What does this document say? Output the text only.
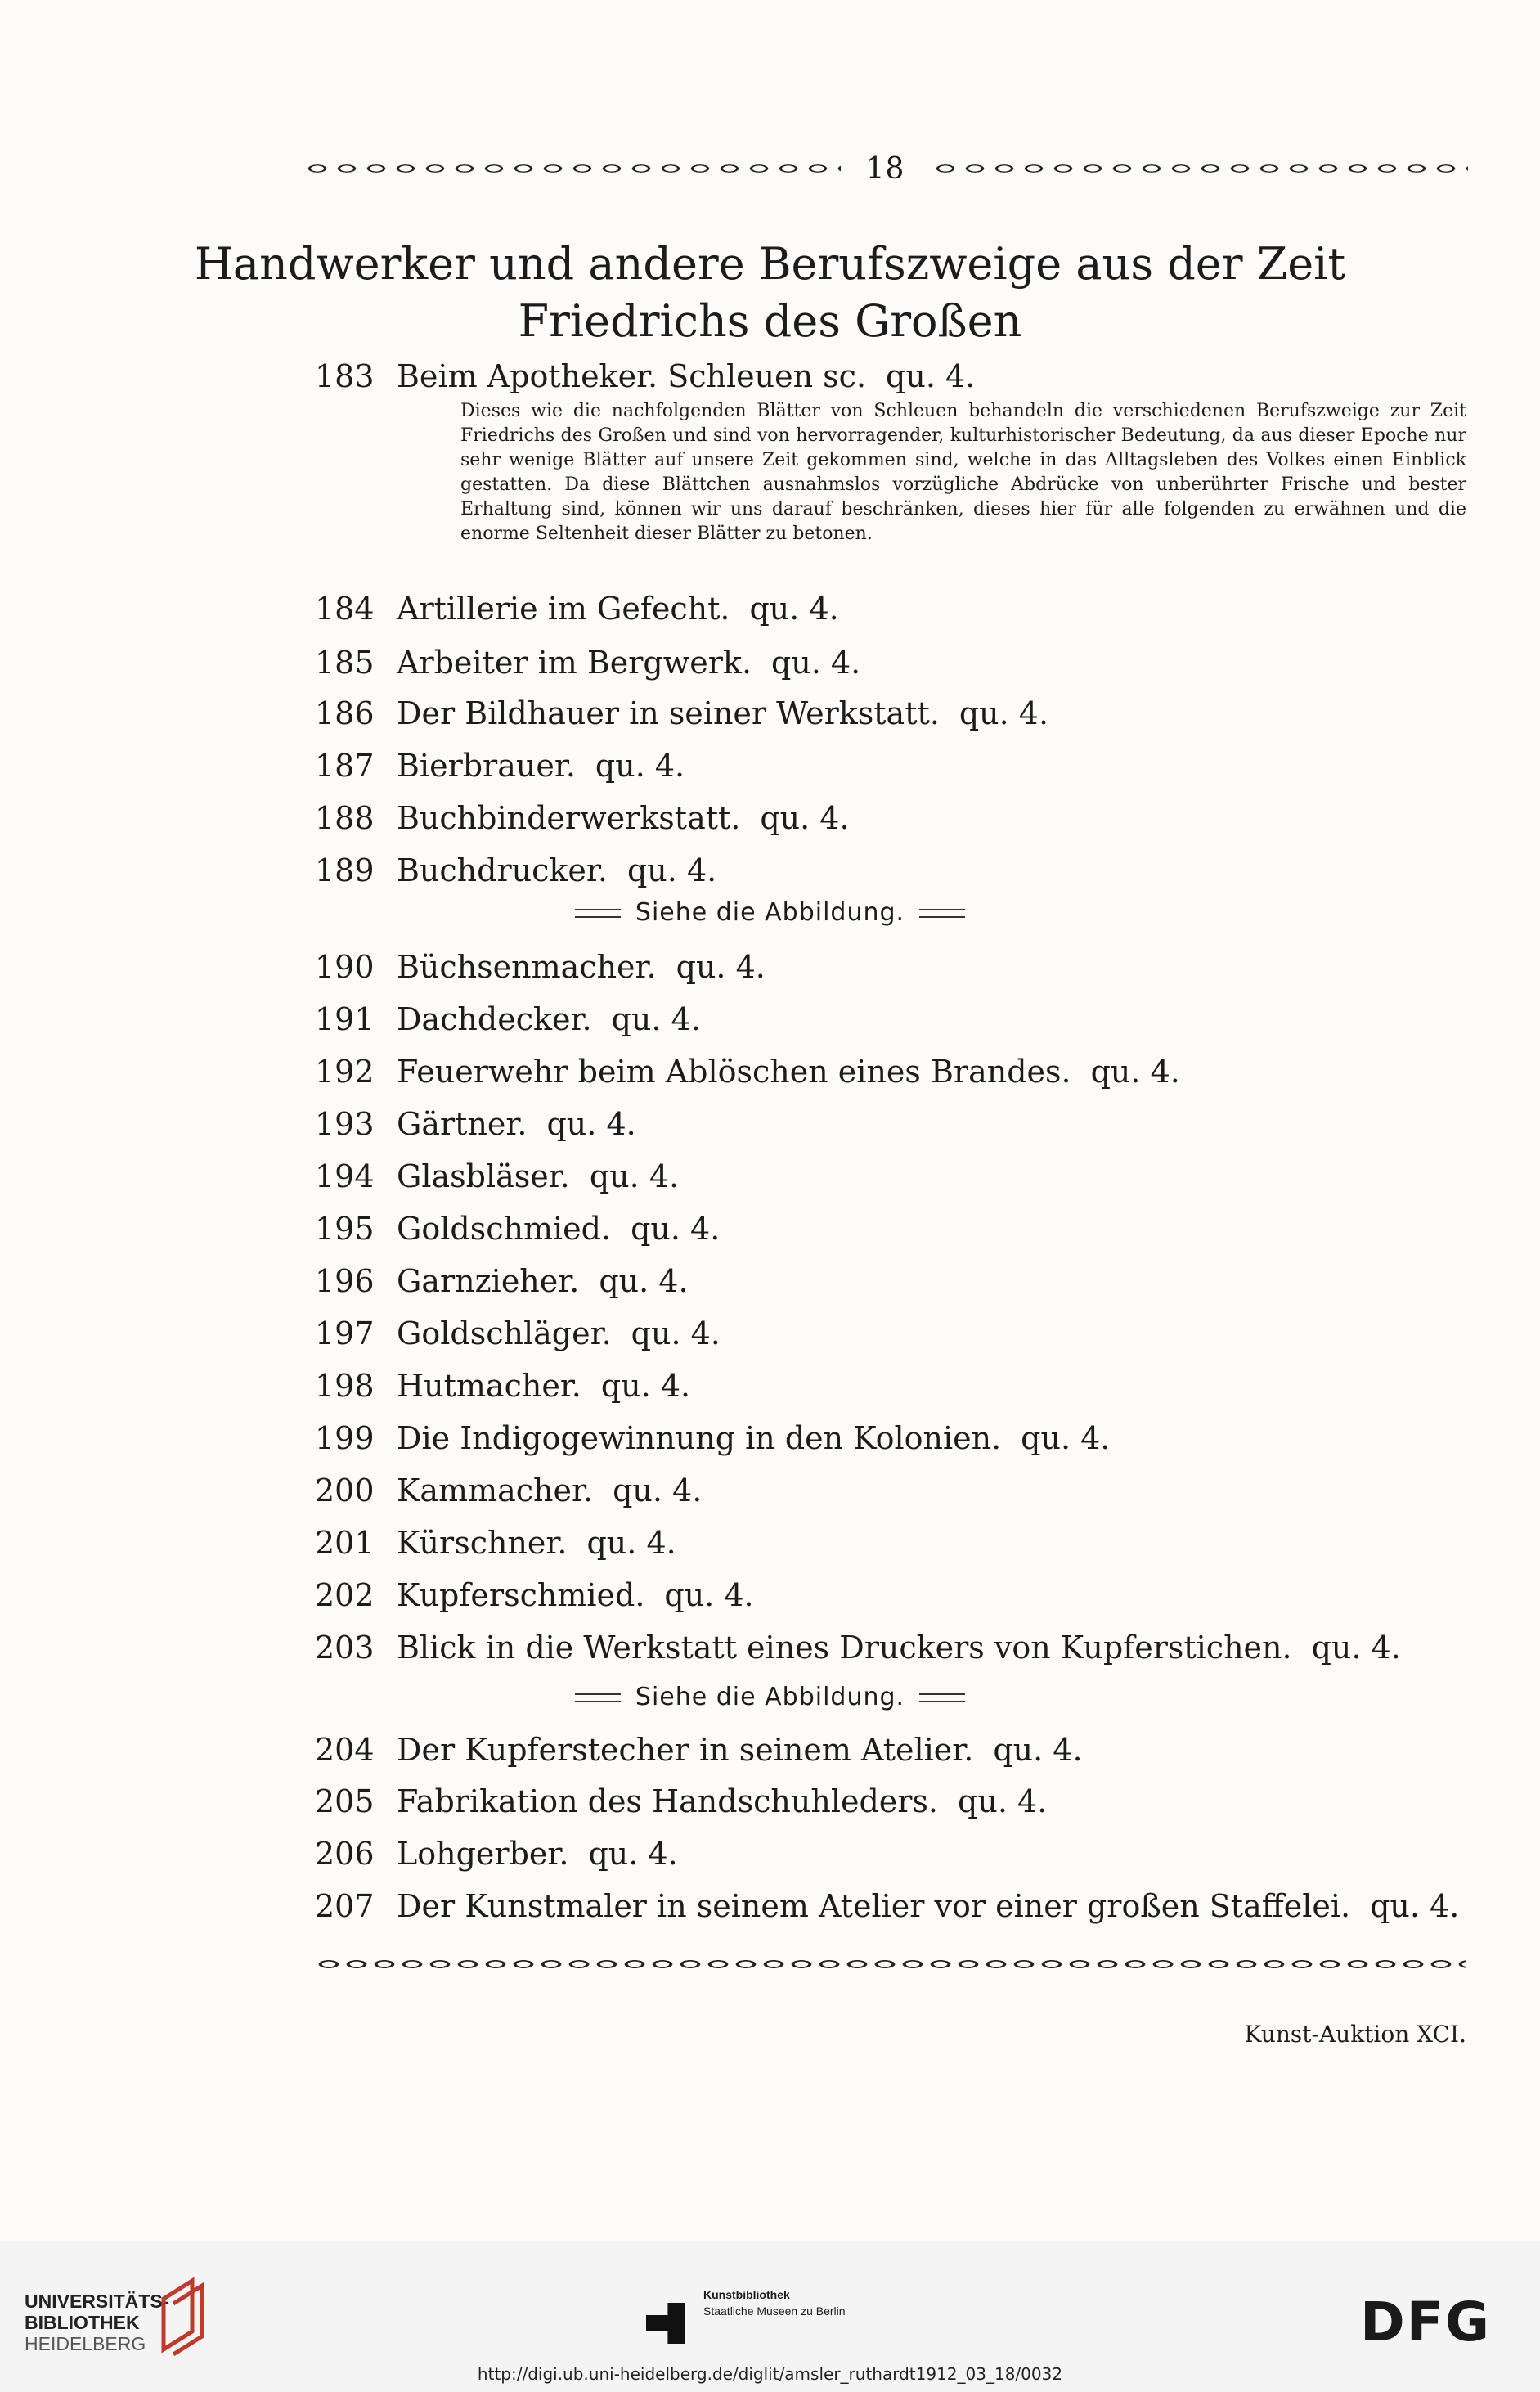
18
Handwerker und andere Berufszweige aus der Zeit
Friedrichs des Großen
183 Beim Apotheker. Schleuen sc. qu. 4.
Dieses wie die nachfolgenden Blätter von Schleuen behandeln die verschiedenen Berufszweige zur Zeit Friedrichs des Großen und sind von hervorragender, kulturhistorischer Bedeutung, da aus dieser Epoche nur sehr wenige Blätter auf unsere Zeit gekommen sind, welche in das Alltagsleben des Volkes einen Einblick gestatten. Da diese Blättchen ausnahmslos vorzügliche Abdrücke von unberührter Frische und bester Erhaltung sind, können wir uns darauf beschränken, dieses hier für alle folgenden zu erwähnen und die enorme Seltenheit dieser Blätter zu betonen.
184 Artillerie im Gefecht. qu. 4.
185 Arbeiter im Bergwerk. qu. 4.
186 Der Bildhauer in seiner Werkstatt. qu. 4.
187 Bierbrauer. qu. 4.
188 Buchbinderwerkstatt. qu. 4.
189 Buchdrucker. qu. 4.
Siehe die Abbildung.
190 Büchsenmacher. qu. 4.
191 Dachdecker. qu. 4.
192 Feuerwehr beim Ablöschen eines Brandes. qu. 4.
193 Gärtner. qu. 4.
194 Glasbläser. qu. 4.
195 Goldschmied. qu. 4.
196 Garnzieher. qu. 4.
197 Goldschläger. qu. 4.
198 Hutmacher. qu. 4.
199 Die Indigogewinnung in den Kolonien. qu. 4.
200 Kammacher. qu. 4.
201 Kürschner. qu. 4.
202 Kupferschmied. qu. 4.
203 Blick in die Werkstatt eines Druckers von Kupferstichen. qu. 4.
Siehe die Abbildung.
204 Der Kupferstecher in seinem Atelier. qu. 4.
205 Fabrikation des Handschuhleders. qu. 4.
206 Lohgerber. qu. 4.
207 Der Kunstmaler in seinem Atelier vor einer großen Staffelei. qu. 4.
Kunst-Auktion XCI.
UNIVERSITÄTS-
BIBLIOTHEK
HEIDELBERG
Kunstbibliothek
Staatliche Museen zu Berlin	DFG
http://digi.ub.uni-heidelberg.de/diglit/amsler_ruthardt1912_03_18/0032
